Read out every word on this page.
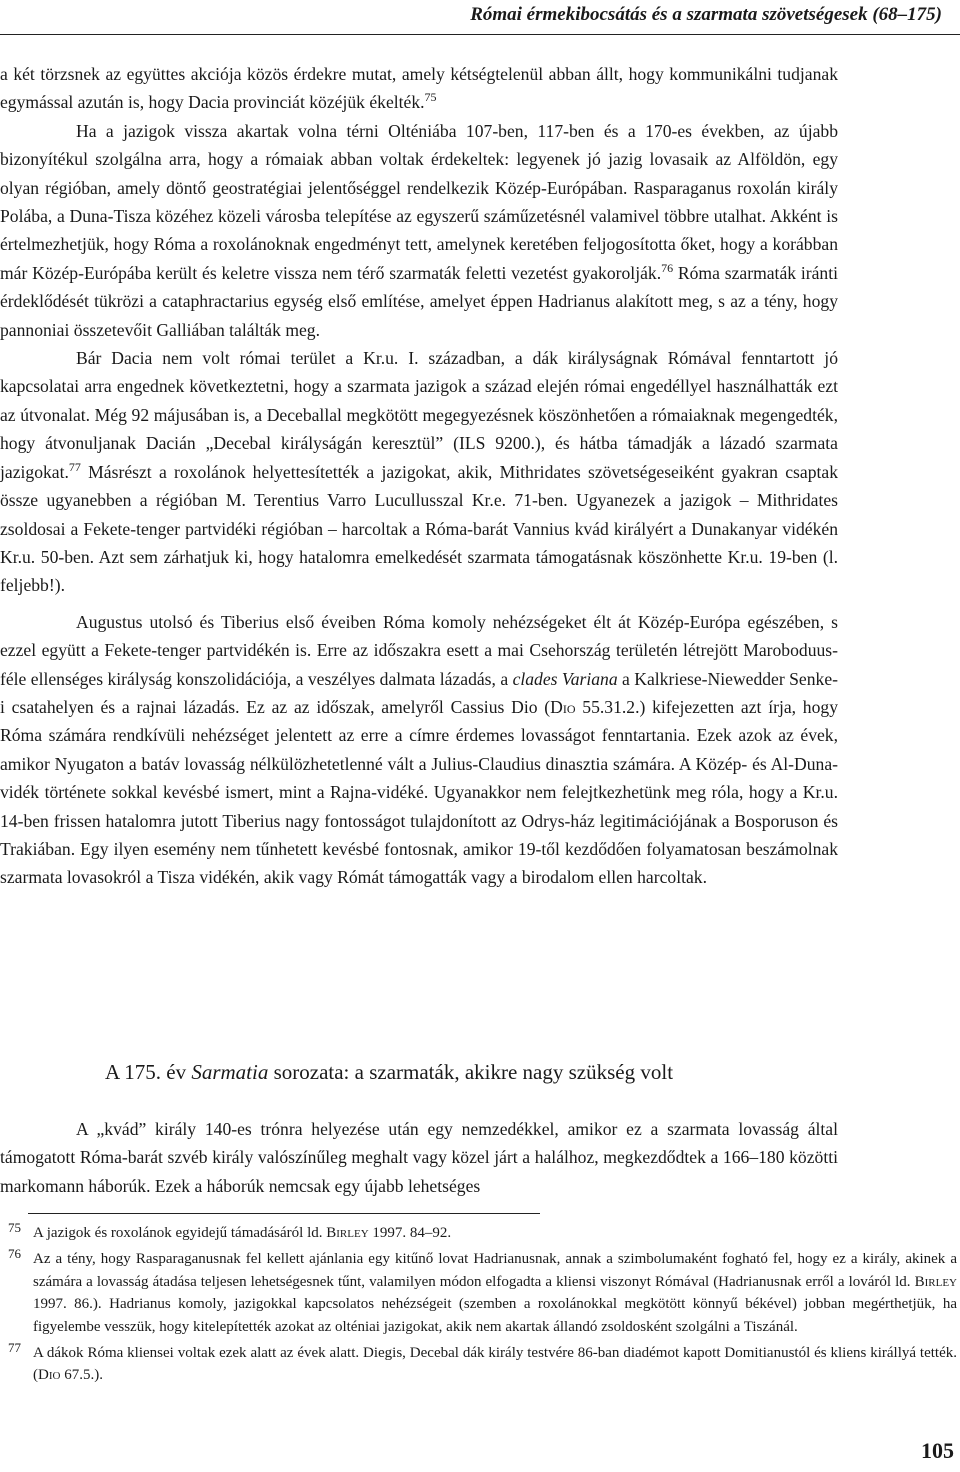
Római érmekibocsátás és a szarmata szövetségesek (68–175)

a két törzsnek az együttes akciója közös érdekre mutat, amely kétségtelenül abban állt, hogy kommunikálni tudjanak egymással azután is, hogy Dacia provinciát közéjük ékelték.$^{75}$

Ha a jazigok vissza akartak volna térni Olténiába 107-ben, 117-ben és a 170-es években, az újabb bizonyítékul szolgálna arra, hogy a rómaiak abban voltak érdekeltek: legyenek jó jazig lovasaik az Alföldön, egy olyan régióban, amely döntő geostratégiai jelentőséggel rendelkezik Közép-Európában. Rasparaganus roxolán király Polába, a Duna-Tisza közéhez közeli városba telepítése az egyszerű száműzetésnél valamivel többre utalhat. Akként is értelmezhetjük, hogy Róma a roxolánoknak engedményt tett, amelynek keretében feljogosította őket, hogy a korábban már Közép-Európába került és keletre vissza nem térő szarmaták feletti vezetést gyakorolják.$^{76}$ Róma szarmaták iránti érdeklődését tükrözi a cataphractarius egység első említése, amelyet éppen Hadrianus alakított meg, s az a tény, hogy pannoniai összetevőit Galliában találták meg.

Bár Dacia nem volt római terület a Kr.u. I. században, a dák királyságnak Rómával fenntartott jó kapcsolatai arra engednek következtetni, hogy a szarmata jazigok a század elején római engedéllyel használhatták ezt az útvonalat. Még 92 májusában is, a Deceballal megkötött megegyezésnek köszönhetően a rómaiaknak megengedték, hogy átvonuljanak Dacián „Decebal királyságán keresztül” (ILS 9200.), és hátba támadják a lázadó szarmata jazigokat.$^{77}$ Másrészt a roxolánok helyettesítették a jazigokat, akik, Mithridates szövetségeseiként gyakran csaptak össze ugyanebben a régióban M. Terentius Varro Lucullusszal Kr.e. 71-ben. Ugyanezek a jazigok – Mithridates zsoldosai a Fekete-tenger partvidéki régióban – harcoltak a Róma-barát Vannius kvád királyért a Dunakanyar vidékén Kr.u. 50-ben. Azt sem zárhatjuk ki, hogy hatalomra emelkedését szarmata támogatásnak köszönhette Kr.u. 19-ben (l. feljebb!).

Augustus utolsó és Tiberius első éveiben Róma komoly nehézségeket élt át Közép-Európa egészében, s ezzel együtt a Fekete-tenger partvidékén is. Erre az időszakra esett a mai Csehország területén létrejött Maroboduus-féle ellenséges királyság konszolidációja, a veszélyes dalmata lázadás, a clades Variana a Kalkriese-Niewedder Senke-i csatahelyen és a rajnai lázadás. Ez az az időszak, amelyről Cassius Dio (Dio 55.31.2.) kifejezetten azt írja, hogy Róma számára rendkívüli nehézséget jelentett az erre a címre érdemes lovasságot fenntartania. Ezek azok az évek, amikor Nyugaton a batáv lovasság nélkülözhetetlenné vált a Julius-Claudius dinasztia számára. A Közép- és Al-Duna-vidék története sokkal kevésbé ismert, mint a Rajna-vidéké. Ugyanakkor nem felejtkezhetünk meg róla, hogy a Kr.u. 14-ben frissen hatalomra jutott Tiberius nagy fontosságot tulajdonított az Odrys-ház legitimációjának a Bosporuson és Trakiában. Egy ilyen esemény nem tűnhetett kevésbé fontosnak, amikor 19-től kezdődően folyamatosan beszámolnak szarmata lovasokról a Tisza vidékén, akik vagy Rómát támogatták vagy a birodalom ellen harcoltak.

A 175. év Sarmatia sorozata: a szarmaták, akikre nagy szükség volt

A „kvád” király 140-es trónra helyezése után egy nemzedékkel, amikor ez a szarmata lovasság által támogatott Róma-barát szvéb király valószínűleg meghalt vagy közel járt a halálhoz, megkezdődtek a 166–180 közötti markomann háborúk. Ezek a háborúk nemcsak egy újabb lehetséges

75 A jazigok és roxolánok egyidejű támadásáról ld. Birley 1997. 84–92.
76 Az a tény, hogy Rasparaganusnak fel kellett ajánlania egy kitűnő lovat Hadrianusnak, annak a szimbolumaként fogható fel, hogy ez a király, akinek a számára a lovasság átadása teljesen lehetségesnek tűnt, valamilyen módon elfogadta a kliensi viszonyt Rómával (Hadrianusnak erről a lováról ld. Birley 1997. 86.). Hadrianus komoly, jazigokkal kapcsolatos nehézségeit (szemben a roxolánokkal megkötött könnyű békével) jobban megérthetjük, ha figyelembe vesszük, hogy kitelepítették azokat az olténiai jazigokat, akik nem akartak állandó zsoldosként szolgálni a Tiszánál.
77 A dákok Róma kliensei voltak ezek alatt az évek alatt. Diegis, Decebal dák király testvére 86-ban diadémot kapott Domitianustól és kliens királlyá tették. (Dio 67.5.).
105
